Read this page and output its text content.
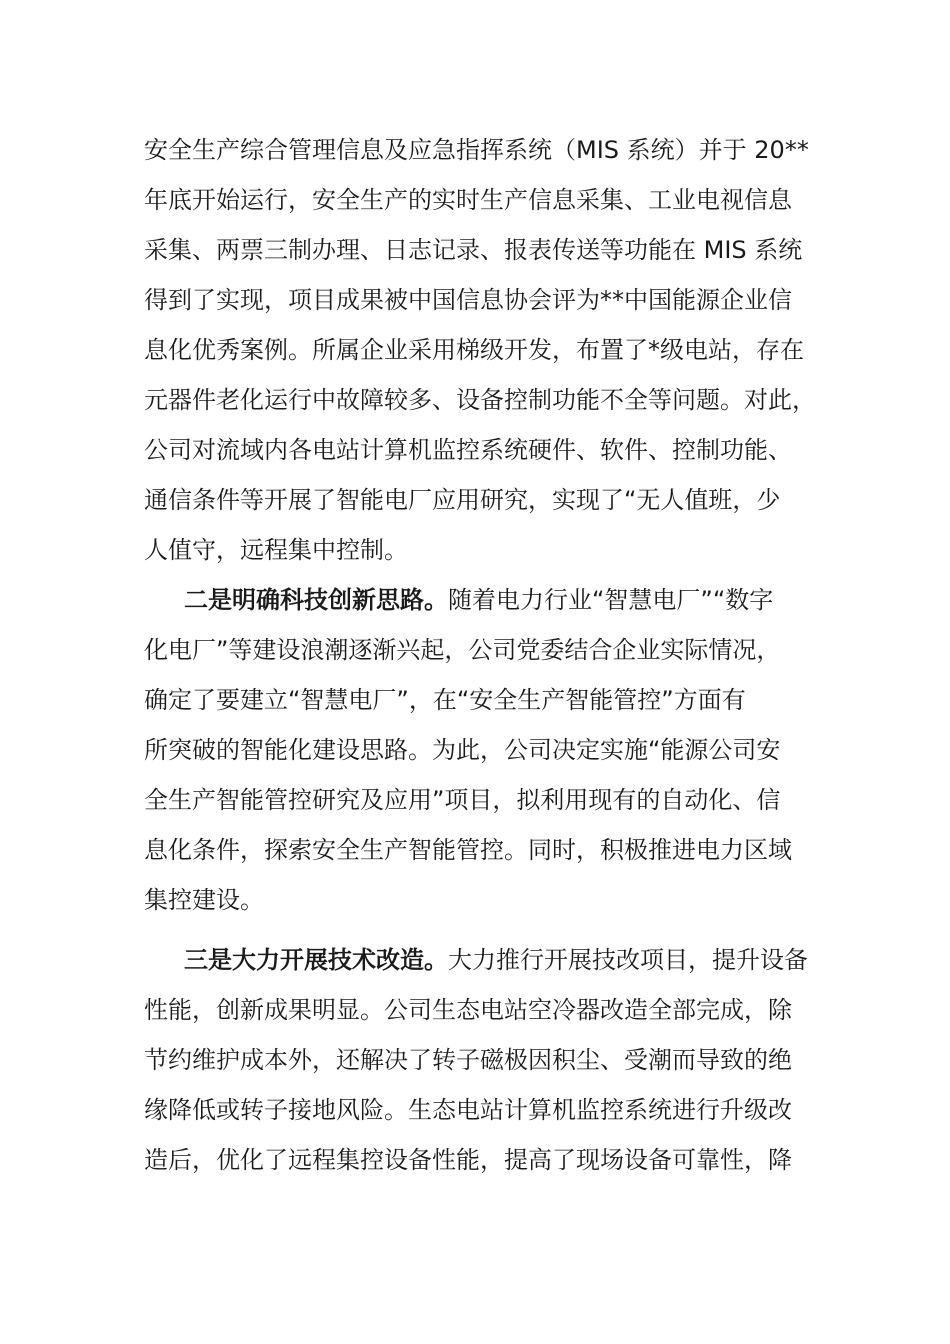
安全生产综合管理信息及应急指挥系统（MIS 系统）并于 20**
年底开始运行，安全生产的实时生产信息采集、工业电视信息
采集、两票三制办理、日志记录、报表传送等功能在 MIS 系统
得到了实现，项目成果被中国信息协会评为**中国能源企业信
息化优秀案例。所属企业采用梯级开发，布置了*级电站，存在
元器件老化运行中故障较多、设备控制功能不全等问题。对此，
公司对流域内各电站计算机监控系统硬件、软件、控制功能、
通信条件等开展了智能电厂应用研究，实现了“无人值班，少
人值守，远程集中控制。
二是明确科技创新思路。随着电力行业“智慧电厂”“数字
化电厂”等建设浪潮逐渐兴起，公司党委结合企业实际情况，
确定了要建立“智慧电厂”，在“安全生产智能管控”方面有
所突破的智能化建设思路。为此，公司决定实施“能源公司安
全生产智能管控研究及应用”项目，拟利用现有的自动化、信
息化条件，探索安全生产智能管控。同时，积极推进电力区域
集控建设。
三是大力开展技术改造。大力推行开展技改项目，提升设备
性能，创新成果明显。公司生态电站空冷器改造全部完成，除
节约维护成本外，还解决了转子磁极因积尘、受潮而导致的绝
缘降低或转子接地风险。生态电站计算机监控系统进行升级改
造后，优化了远程集控设备性能，提高了现场设备可靠性，降
